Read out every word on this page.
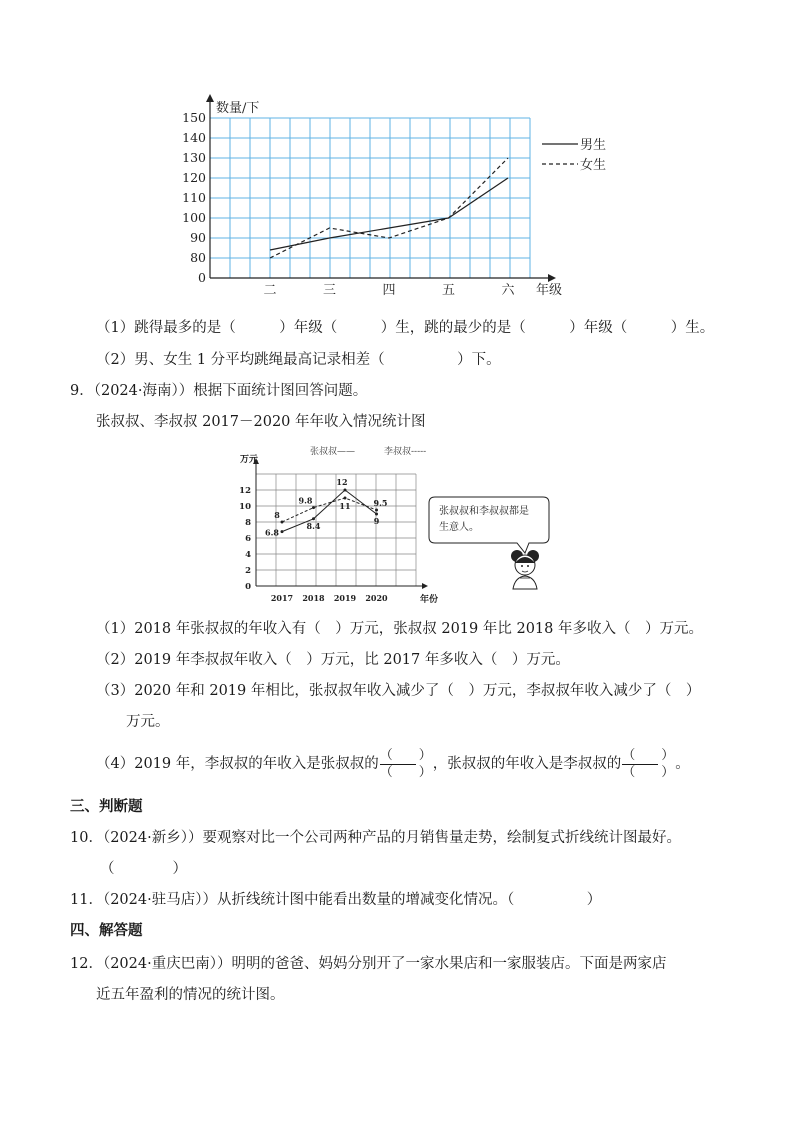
数量/下
年级
0
80
90
100
110
120
130
140
150
二	三	四	五	六
男生
女生
（1）跳得最多的是（　　　）年级（　　　）生，跳的最少的是（　　　）年级（　　　）生。
（2）男、女生 1 分平均跳绳最高记录相差（　　　　　）下。
9．（2024·海南））根据下面统计图回答问题。
张叔叔、李叔叔 2017－2020 年年收入情况统计图
万元
年份
张叔叔——	李叔叔-----
0
2
4
6
8
10
12
2017 2018 2019 2020
6.8
8.4
12
9
8
9.8
11	9.5
张叔叔和李叔叔都是
生意人。
（1）2018 年张叔叔的年收入有（　）万元，张叔叔 2019 年比 2018 年多收入（　）万元。
（2）2019 年李叔叔年收入（　）万元，比 2017 年多收入（　）万元。
（3）2020 年和 2019 年相比，张叔叔年收入减少了（　）万元，李叔叔年收入减少了（　）
万元。
（4）2019 年，李叔叔的年收入是张叔叔的 $\frac{( )}{( )}$ ，张叔叔的年收入是李叔叔的 $\frac{( )}{( )}$ 。
三、判断题
10．（2024·新乡））要观察对比一个公司两种产品的月销售量走势，绘制复式折线统计图最好。
（　　　　）
11．（2024·驻马店））从折线统计图中能看出数量的增减变化情况。（　　　　　）
四、解答题
12．（2024·重庆巴南））明明的爸爸、妈妈分别开了一家水果店和一家服装店。下面是两家店
近五年盈利的情况的统计图。
